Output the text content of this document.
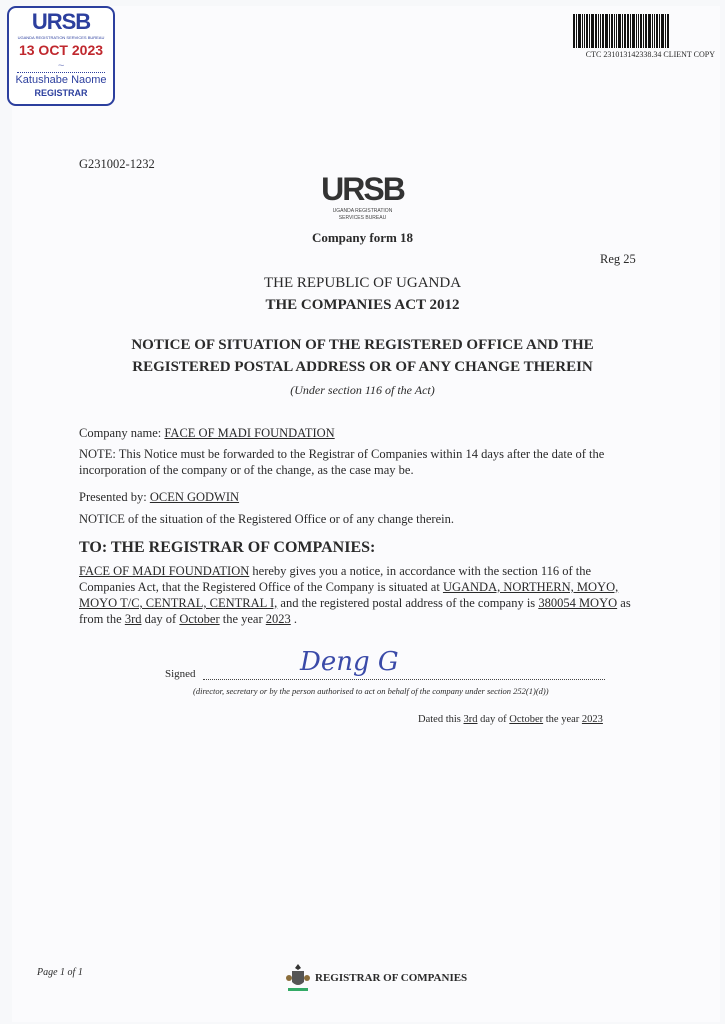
URSB
UGANDA REGISTRATION SERVICES BUREAU
13 OCT 2023
~
Katushabe Naome
REGISTRAR
CTC 231013142338.34 CLIENT COPY
G231002-1232
URSB
UGANDA REGISTRATION
SERVICES BUREAU
Company form 18
Reg 25
THE REPUBLIC OF UGANDA
THE COMPANIES ACT 2012
NOTICE OF SITUATION OF THE REGISTERED OFFICE AND THE
REGISTERED POSTAL ADDRESS OR OF ANY CHANGE THEREIN
(Under section 116 of the Act)

Company name: FACE OF MADI FOUNDATION

NOTE: This Notice must be forwarded to the Registrar of Companies within 14 days after the date of the incorporation of the company or of the change, as the case may be.

Presented by: OCEN GODWIN

NOTICE of the situation of the Registered Office or of any change therein.

TO: THE REGISTRAR OF COMPANIES:

FACE OF MADI FOUNDATION hereby gives you a notice, in accordance with the section 116 of the Companies Act, that the Registered Office of the Company is situated at UGANDA, NORTHERN, MOYO, MOYO T/C, CENTRAL, CENTRAL I, and the registered postal address of the company is 380054 MOYO as
from the 3rd day of October the year 2023 .

Signed	Deng G
(director, secretary or by the person authorised to act on behalf of the company under section 252(1)(d))
Dated this 3rd day of October the year 2023
Page 1 of 1	REGISTRAR OF COMPANIES
